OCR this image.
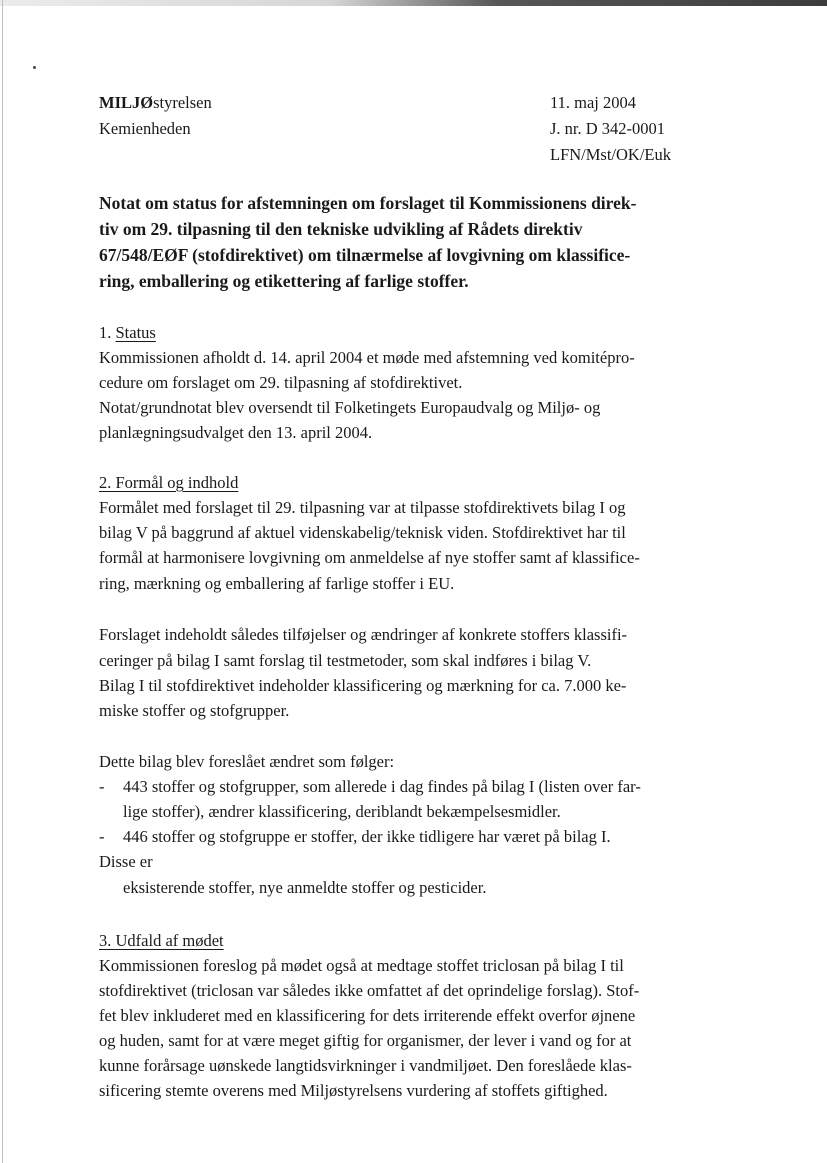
MILJØstyrelsen
Kemienheden
11. maj 2004
J. nr. D 342-0001
LFN/Mst/OK/Euk
Notat om status for afstemningen om forslaget til Kommissionens direk-
tiv om 29. tilpasning til den tekniske udvikling af Rådets direktiv
67/548/EØF (stofdirektivet) om tilnærmelse af lovgivning om klassifice-
ring, emballering og etikettering af farlige stoffer.
1. Status
Kommissionen afholdt d. 14. april 2004 et møde med afstemning ved komitépro-
cedure om forslaget om 29. tilpasning af stofdirektivet.
Notat/grundnotat blev oversendt til Folketingets Europaudvalg og Miljø- og
planlægningsudvalget den 13. april 2004.
2. Formål og indhold
Formålet med forslaget til 29. tilpasning var at tilpasse stofdirektivets bilag I og
bilag V på baggrund af aktuel videnskabelig/teknisk viden. Stofdirektivet har til
formål at harmonisere lovgivning om anmeldelse af nye stoffer samt af klassifice-
ring, mærkning og emballering af farlige stoffer i EU.
Forslaget indeholdt således tilføjelser og ændringer af konkrete stoffers klassifi-
ceringer på bilag I samt forslag til testmetoder, som skal indføres i bilag V.
Bilag I til stofdirektivet indeholder klassificering og mærkning for ca. 7.000 ke-
miske stoffer og stofgrupper.
Dette bilag blev foreslået ændret som følger:
- 443 stoffer og stofgrupper, som allerede i dag findes på bilag I (listen over far-
lige stoffer), ændrer klassificering, deriblandt bekæmpelsesmidler.
- 446 stoffer og stofgruppe er stoffer, der ikke tidligere har været på bilag I.
Disse er
eksisterende stoffer, nye anmeldte stoffer og pesticider.
3. Udfald af mødet
Kommissionen foreslog på mødet også at medtage stoffet triclosan på bilag I til
stofdirektivet (triclosan var således ikke omfattet af det oprindelige forslag). Stof-
fet blev inkluderet med en klassificering for dets irriterende effekt overfor øjnene
og huden, samt for at være meget giftig for organismer, der lever i vand og for at
kunne forårsage uønskede langtidsvirkninger i vandmiljøet. Den foreslåede klas-
sificering stemte overens med Miljøstyrelsens vurdering af stoffets giftighed.
